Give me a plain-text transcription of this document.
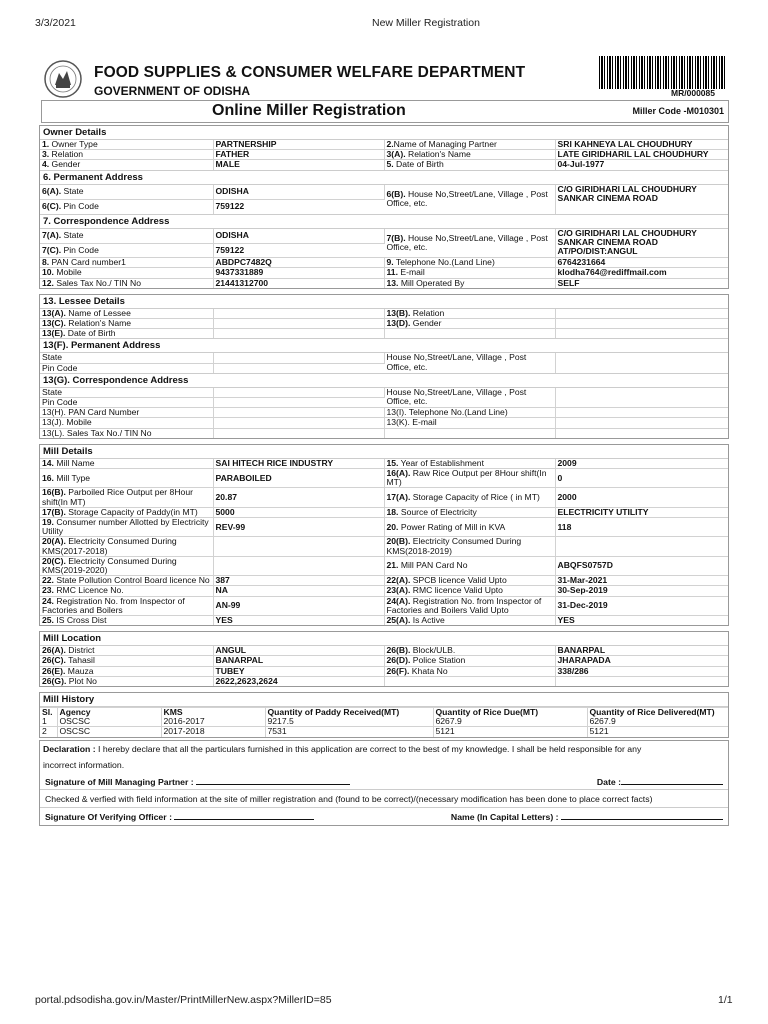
3/3/2021	New Miller Registration
FOOD SUPPLIES & CONSUMER WELFARE DEPARTMENT
GOVERNMENT OF ODISHA	MR/000085
Online Miller Registration	Miller Code -M010301
Owner Details
1. Owner Type	PARTNERSHIP	2.Name of Managing Partner	SRI KAHNEYA LAL CHOUDHURY
3. Relation	FATHER	3(A). Relation's Name	LATE GIRIDHARIL LAL CHOUDHURY
4. Gender	MALE	5. Date of Birth	04-Jul-1977
6. Permanent Address
6(A). State	ODISHA	6(B). House No,Street/Lane, Village , Post Office, etc.	C/O GIRIDHARI LAL CHOUDHURY
SANKAR CINEMA ROAD

6(C). Pin Code	759122		
7. Correspondence Address
7(A). State	ODISHA	7(B). House No,Street/Lane, Village , Post Office, etc.	C/O GIRIDHARI LAL CHOUDHURY
SANKAR CINEMA ROAD
AT/PO/DIST:ANGUL

7(C). Pin Code	759122		
8. PAN Card number1	ABDPC7482Q	9. Telephone No.(Land Line)	6764231664
10. Mobile	9437331889	11. E-mail	klodha764@rediffmail.com
12. Sales Tax No./ TIN No	21441312700	13. Mill Operated By	SELF
13. Lessee Details
13(A). Name of Lessee		13(B). Relation	
13(C). Relation's Name		13(D). Gender	
13(E). Date of Birth			
13(F). Permanent Address
State		House No,Street/Lane, Village , Post Office, etc.	
Pin Code			
13(G). Correspondence Address
State		House No,Street/Lane, Village , Post Office, etc.	
Pin Code			
13(H). PAN Card Number		13(I). Telephone No.(Land Line)	
13(J). Mobile		13(K). E-mail	
13(L). Sales Tax No./ TIN No			
Mill Details
14. Mill Name	SAI HITECH RICE INDUSTRY	15. Year of Establishment	2009
16. Mill Type	PARABOILED	16(A). Raw Rice Output per 8Hour shift(In MT)	0
16(B). Parboiled Rice Output per 8Hour shift(In MT)	20.87	17(A). Storage Capacity of Rice ( in MT)	2000
17(B). Storage Capacity of Paddy(in MT)	5000	18. Source of Electricity	ELECTRICITY UTILITY
19. Consumer number Allotted by Electricity Utility	REV-99	20. Power Rating of Mill in KVA	118
20(A). Electricity Consumed During KMS(2017-2018)		20(B). Electricity Consumed During KMS(2018-2019)	
20(C). Electricity Consumed During KMS(2019-2020)		21. Mill PAN Card No	ABQFS0757D
22. State Pollution Control Board licence No	387	22(A). SPCB licence Valid Upto	31-Mar-2021
23. RMC Licence No.	NA	23(A). RMC licence Valid Upto	30-Sep-2019
24. Registration No. from Inspector of Factories and Boilers	AN-99	24(A). Registration No. from Inspector of Factories and Boilers Valid Upto	31-Dec-2019
25. IS Cross Dist	YES	25(A). Is Active	YES
Mill Location
26(A). District	ANGUL	26(B). Block/ULB.	BANARPAL
26(C). Tahasil	BANARPAL	26(D). Police Station	JHARAPADA
26(E). Mauza	TUBEY	26(F). Khata No	338/286
26(G). Plot No	2622,2623,2624		
Mill History
Sl.	Agency	KMS	Quantity of Paddy Received(MT)	Quantity of Rice Due(MT)	Quantity of Rice Delivered(MT)
1	OSCSC	2016-2017	9217.5	6267.9	6267.9
2	OSCSC	2017-2018	7531	5121	5121
Declaration : I hereby declare that all the particulars furnished in this application are correct to the best of my knowledge. I shall be held responsible for any
incorrect information.
Signature of Mill Managing Partner :	Date :
Checked & verfied with field information at the site of miller registration and (found to be correct)/(necessary modification has been done to place correct facts)
Signature Of Verifying Officer :	Name (In Capital Letters) :
portal.pdsodisha.gov.in/Master/PrintMillerNew.aspx?MillerID=85	1/1
